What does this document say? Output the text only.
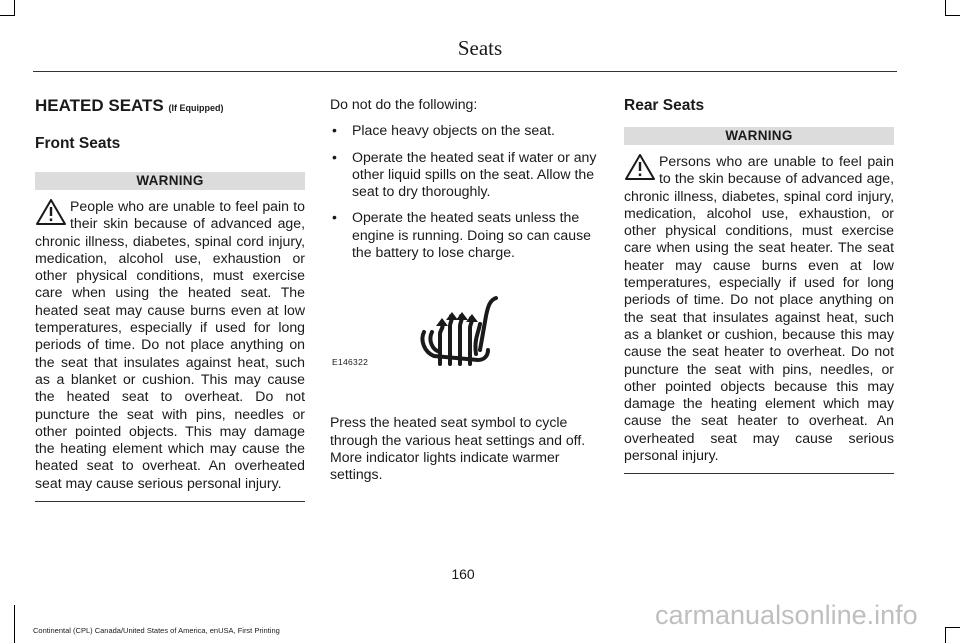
Seats
HEATED SEATS (If Equipped)
Front Seats
WARNING
People who are unable to feel pain to their skin because of advanced age, chronic illness, diabetes, spinal cord injury, medication, alcohol use, exhaustion or other physical conditions, must exercise care when using the heated seat. The heated seat may cause burns even at low temperatures, especially if used for long periods of time. Do not place anything on the seat that insulates against heat, such as a blanket or cushion. This may cause the heated seat to overheat. Do not puncture the seat with pins, needles or other pointed objects. This may damage the heating element which may cause the heated seat to overheat. An overheated seat may cause serious personal injury.

Do not do the following:

• Place heavy objects on the seat.
• Operate the heated seat if water or any other liquid spills on the seat. Allow the seat to dry thoroughly.
• Operate the heated seats unless the engine is running. Doing so can cause the battery to lose charge.
E146322

Press the heated seat symbol to cycle through the various heat settings and off. More indicator lights indicate warmer settings.

Rear Seats
WARNING
Persons who are unable to feel pain to the skin because of advanced age, chronic illness, diabetes, spinal cord injury, medication, alcohol use, exhaustion, or other physical conditions, must exercise care when using the seat heater. The seat heater may cause burns even at low temperatures, especially if used for long periods of time. Do not place anything on the seat that insulates against heat, such as a blanket or cushion, because this may cause the seat heater to overheat. Do not puncture the seat with pins, needles, or other pointed objects because this may damage the heating element which may cause the seat heater to overheat. An overheated seat may cause serious personal injury.
160
Continental (CPL) Canada/United States of America, enUSA, First Printing
carmanualsonline.info
